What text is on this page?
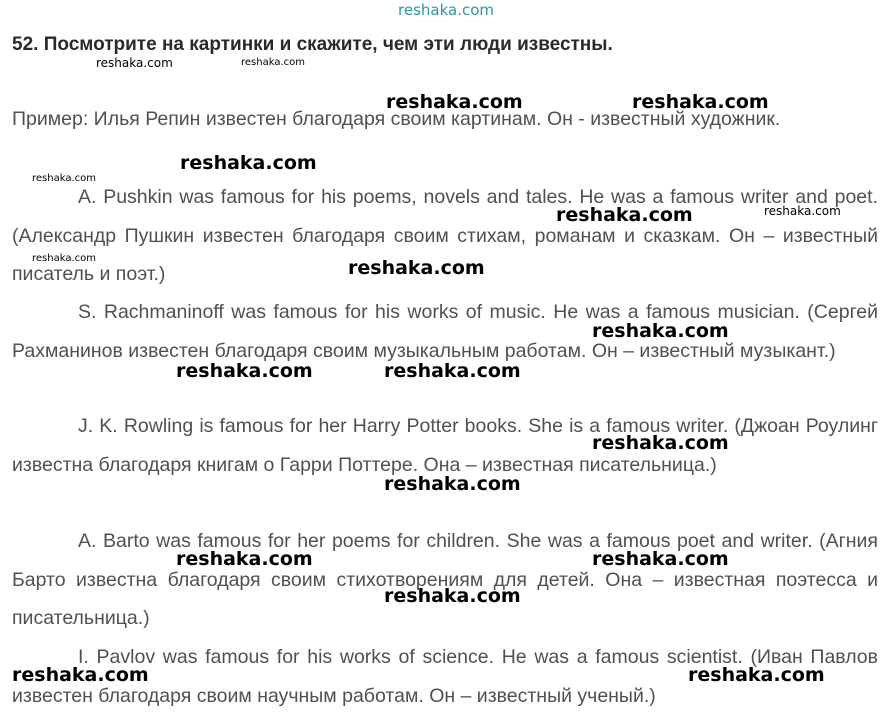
reshaka.com
52. Посмотрите на картинки и скажите, чем эти люди известны.
Пример: Илья Репин известен благодаря своим картинам. Он - известный художник.
A. Pushkin was famous for his poems, novels and tales. He was a famous writer and poet. (Александр Пушкин известен благодаря своим стихам, романам и сказкам. Он – известный писатель и поэт.)
S. Rachmaninoff was famous for his works of music. He was a famous musician. (Сергей Рахманинов известен благодаря своим музыкальным работам. Он – известный музыкант.)
J. K. Rowling is famous for her Harry Potter books. She is a famous writer. (Джоан Роулинг известна благодаря книгам о Гарри Поттере. Она – известная писательница.)
A. Barto was famous for her poems for children. She was a famous poet and writer. (Агния Барто известна благодаря своим стихотворениям для детей. Она – известная поэтесса и писательница.)
I. Pavlov was famous for his works of science. He was a famous scientist. (Иван Павлов известен благодаря своим научным работам. Он – известный ученый.)
reshaka.com	reshaka.com
reshaka.com	reshaka.com
reshaka.com
reshaka.com
reshaka.com	reshaka.com
reshaka.com	reshaka.com
reshaka.com
reshaka.com	reshaka.com
reshaka.com
reshaka.com
reshaka.com	reshaka.com
reshaka.com
reshaka.com	reshaka.com
